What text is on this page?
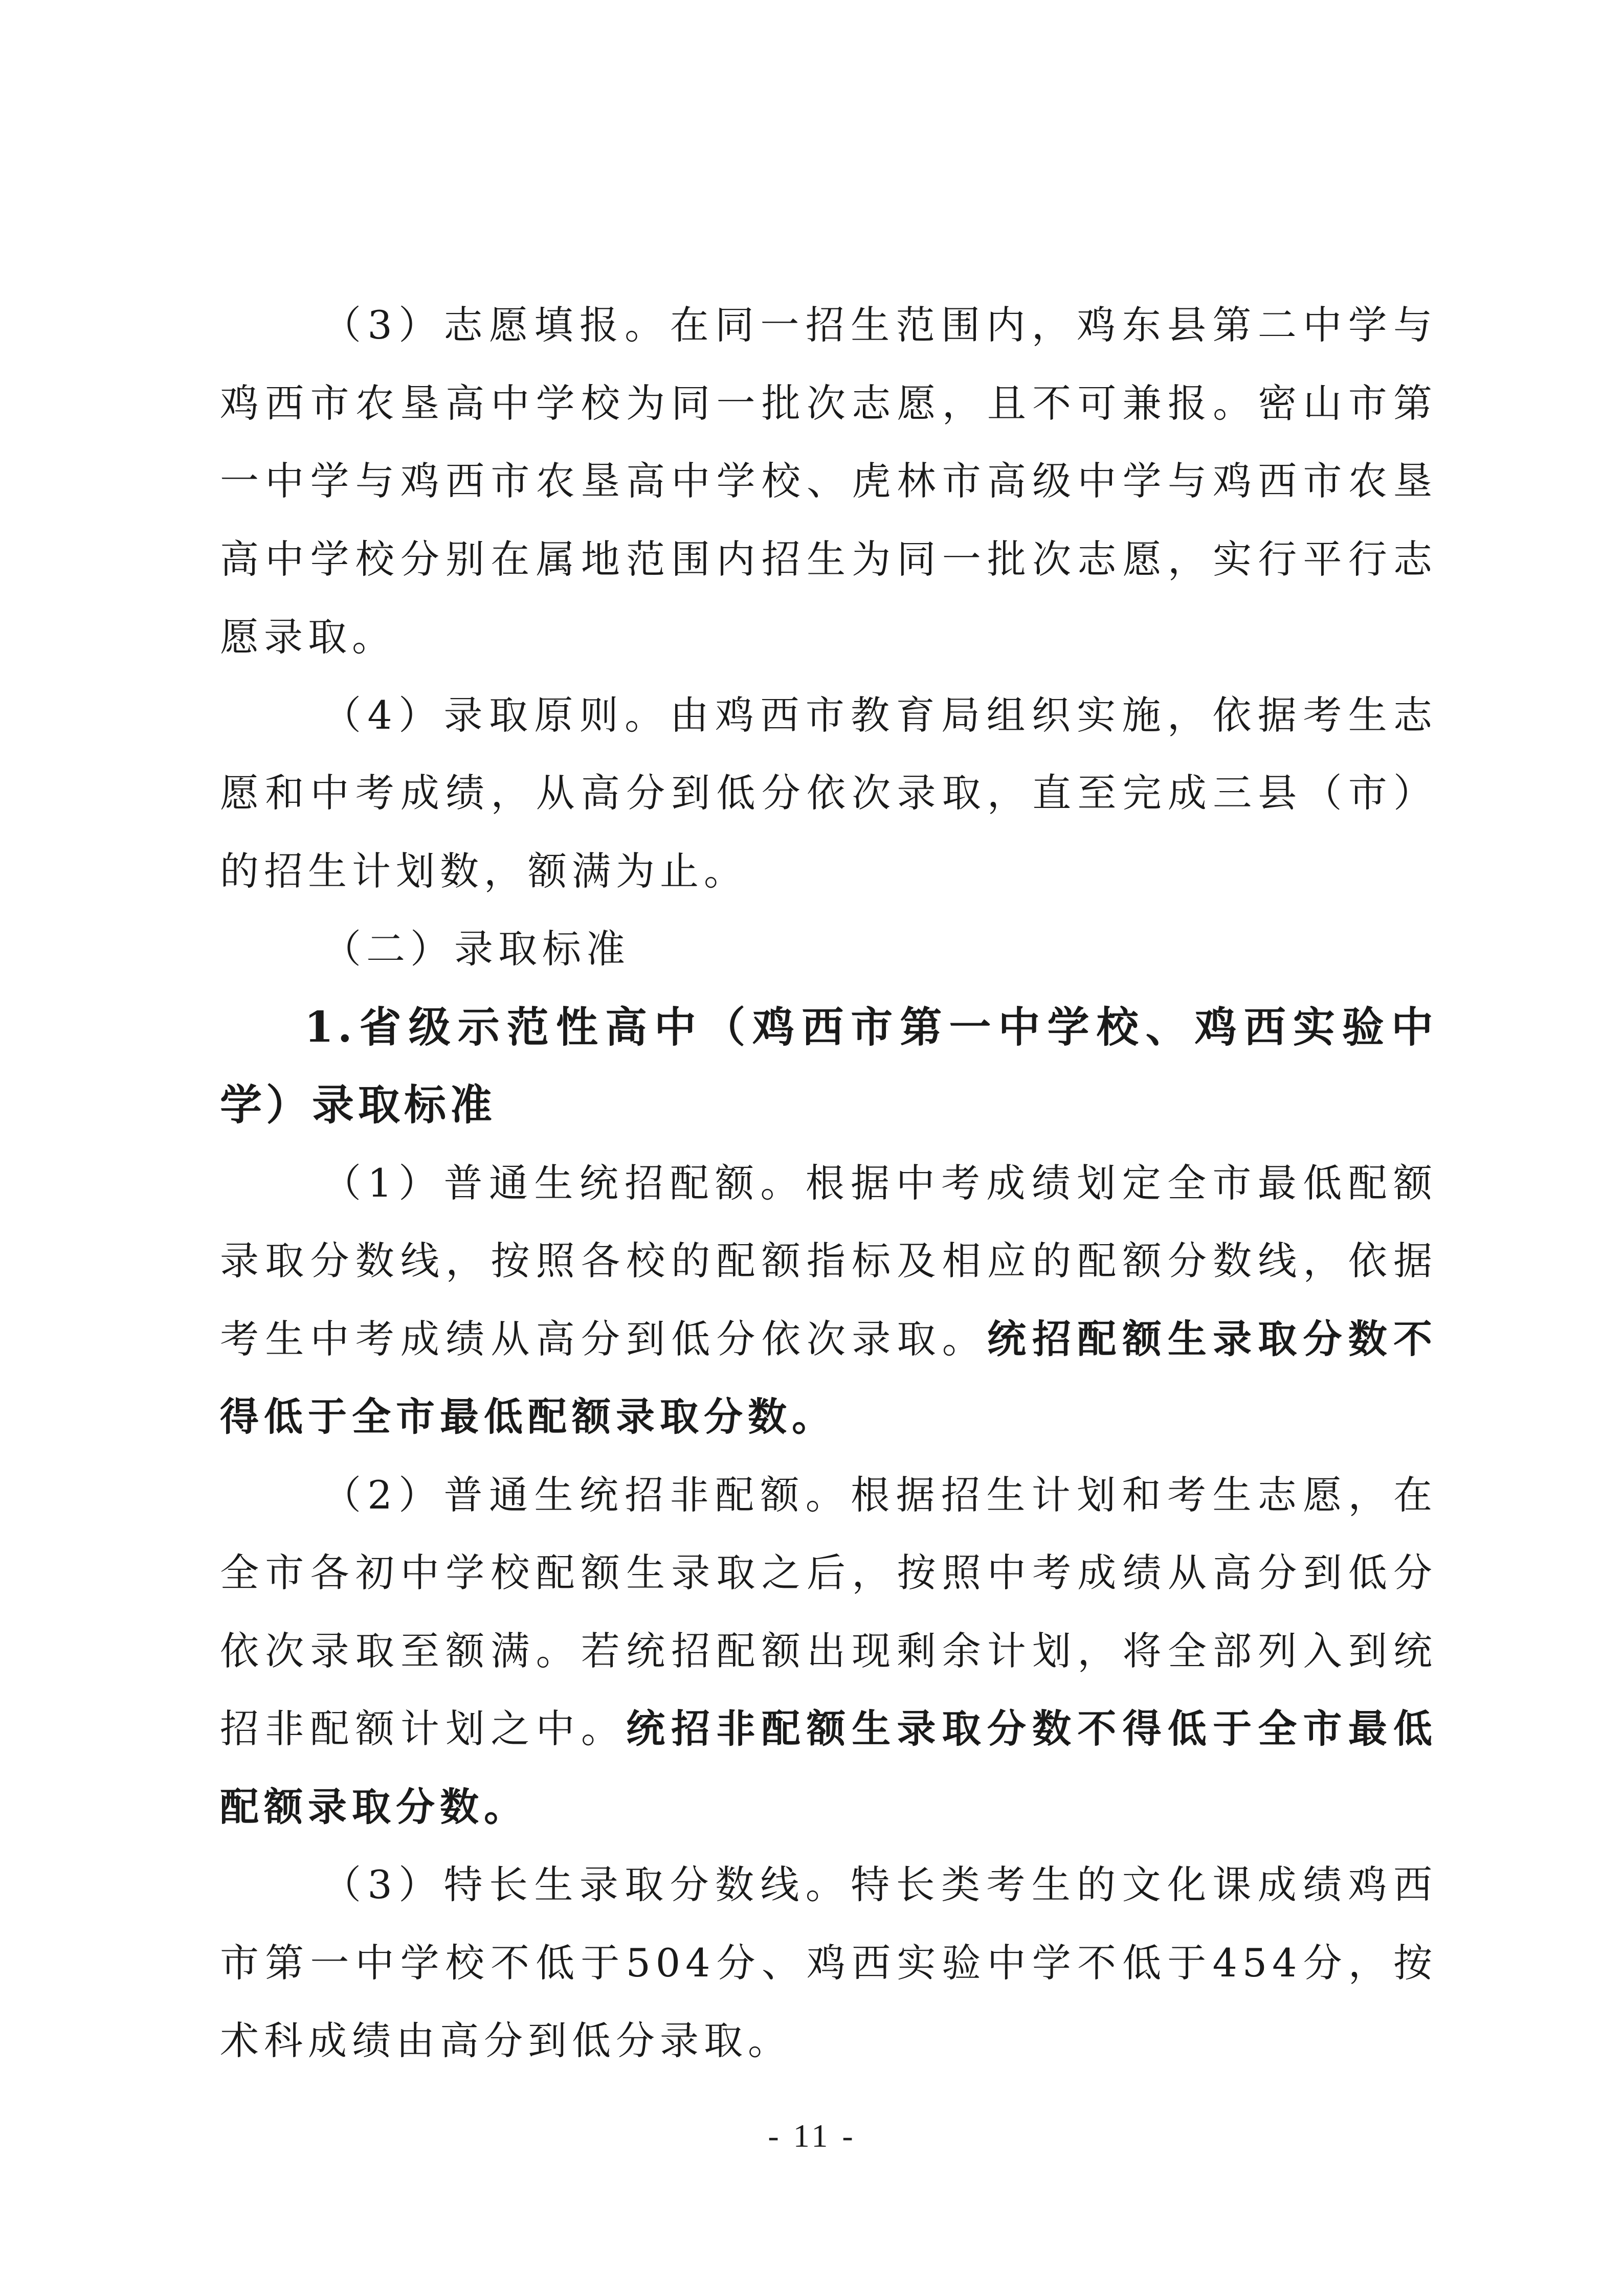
（3）志愿填报。在同一招生范围内，鸡东县第二中学与鸡西市农垦高中学校为同一批次志愿，且不可兼报。密山市第一中学与鸡西市农垦高中学校、虎林市高级中学与鸡西市农垦高中学校分别在属地范围内招生为同一批次志愿，实行平行志愿录取。

（4）录取原则。由鸡西市教育局组织实施，依据考生志愿和中考成绩，从高分到低分依次录取，直至完成三县（市）的招生计划数，额满为止。

（二）录取标准

1.省级示范性高中（鸡西市第一中学校、鸡西实验中学）录取标准

（1）普通生统招配额。根据中考成绩划定全市最低配额录取分数线，按照各校的配额指标及相应的配额分数线，依据考生中考成绩从高分到低分依次录取。统招配额生录取分数不得低于全市最低配额录取分数。

（2）普通生统招非配额。根据招生计划和考生志愿，在全市各初中学校配额生录取之后，按照中考成绩从高分到低分依次录取至额满。若统招配额出现剩余计划，将全部列入到统招非配额计划之中。统招非配额生录取分数不得低于全市最低配额录取分数。

（3）特长生录取分数线。特长类考生的文化课成绩鸡西市第一中学校不低于504分、鸡西实验中学不低于454分，按术科成绩由高分到低分录取。

- 11 -
